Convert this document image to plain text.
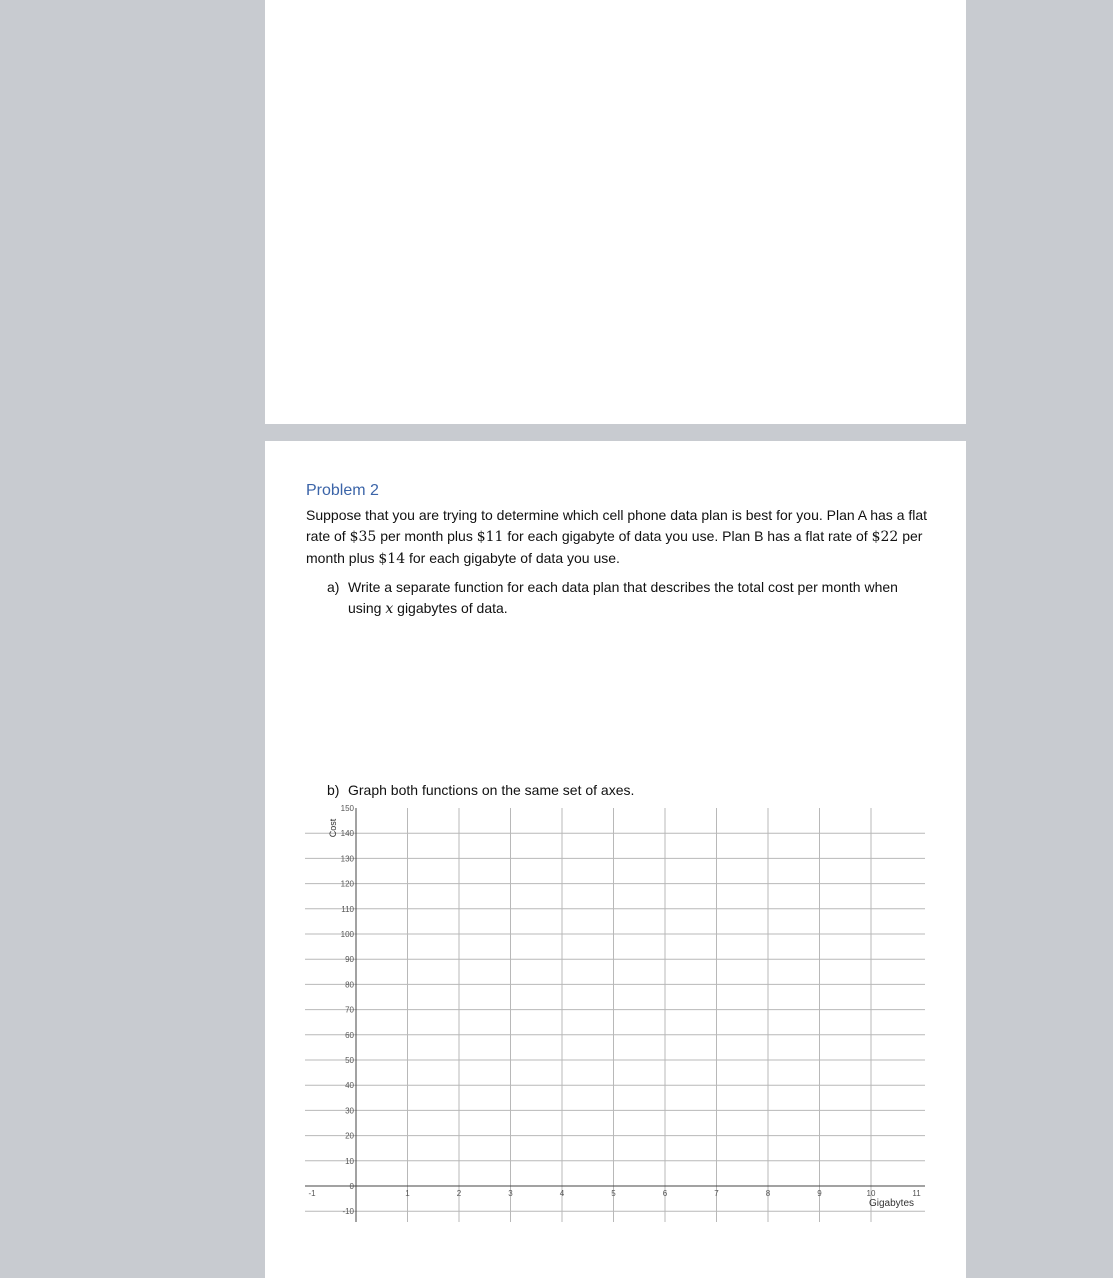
Problem 2

Suppose that you are trying to determine which cell phone data plan is best for you. Plan A has a flat rate of $35 per month plus $11 for each gigabyte of data you use. Plan B has a flat rate of $22 per month plus $14 for each gigabyte of data you use.

a) Write a separate function for each data plan that describes the total cost per month when using x gigabytes of data.
b) Graph both functions on the same set of axes.
-10
0
10
20
30
40
50
60
70
80
90
100
110
120
130
140
150
-1	1	2	3	4	5	6	7	8	9	10	11
Gigabytes
Cost
